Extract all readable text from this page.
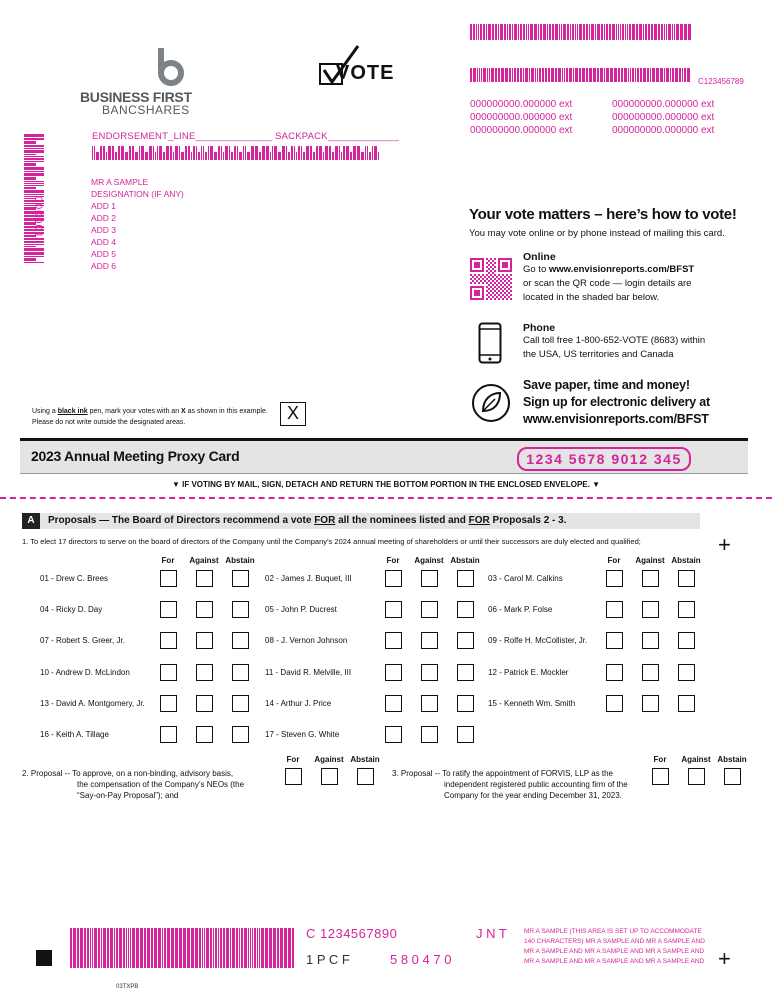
C123456789
BUSINESS FIRST
BANCSHARES
VOTE
000000000.000000 ext
000000000.000000 ext
000000000.000000 ext
000000000.000000 ext
000000000.000000 ext
000000000.000000 ext
ENDORSEMENT_LINE______________ SACKPACK_____________
000001
MR A SAMPLE
DESIGNATION (IF ANY)
ADD 1
ADD 2
ADD 3
ADD 4
ADD 5
ADD 6
Your vote matters – here’s how to vote!
You may vote online or by phone instead of mailing this card.
Online
Go to www.envisionreports.com/BFST
or scan the QR code — login details are
located in the shaded bar below.
Phone
Call toll free 1-800-652-VOTE (8683) within
the USA, US territories and Canada
Save paper, time and money!
Sign up for electronic delivery at
www.envisionreports.com/BFST
Using a black ink pen, mark your votes with an X as shown in this example.
Please do not write outside the designated areas.	X
2023 Annual Meeting Proxy Card	1234 5678 9012 345
▼ IF VOTING BY MAIL, SIGN, DETACH AND RETURN THE BOTTOM PORTION IN THE ENCLOSED ENVELOPE. ▼
A	Proposals — The Board of Directors recommend a vote FOR all the nominees listed and FOR Proposals 2 - 3.
1. To elect 17 directors to serve on the board of directors of the Company until the Company’s 2024 annual meeting of shareholders or until their successors are duly elected and qualified;	+
For	Against Abstain	For	Against Abstain	For	Against Abstain
01 - Drew C. Brees	02 - James J. Buquet, III	03 - Carol M. Calkins
04 - Ricky D. Day	05 - John P. Ducrest	06 - Mark P. Folse
07 - Robert S. Greer, Jr.	08 - J. Vernon Johnson	09 - Rolfe H. McCollister, Jr.
10 - Andrew D. McLindon	11 - David R. Melville, III	12 - Patrick E. Mockler
13 - David A. Montgomery, Jr.	14 - Arthur J. Price	15 - Kenneth Wm. Smith
16 - Keith A. Tillage	17 - Steven G. White
For	Against Abstain	For	Against Abstain
2. Proposal -- To approve, on a non-binding, advisory basis,
the compensation of the Company’s NEOs (the
“Say-on-Pay Proposal”); and
3. Proposal -- To ratify the appointment of FORVIS, LLP as the
independent registered public accounting firm of the
Company for the year ending December 31, 2023.
C 1234567890	J N T
1 P C F	5 8 0 4 7 0
MR A SAMPLE (THIS AREA IS SET UP TO ACCOMMODATE
140 CHARACTERS) MR A SAMPLE AND MR A SAMPLE AND
MR A SAMPLE AND MR A SAMPLE AND MR A SAMPLE AND
MR A SAMPLE AND MR A SAMPLE AND MR A SAMPLE AND +
03TXPB
